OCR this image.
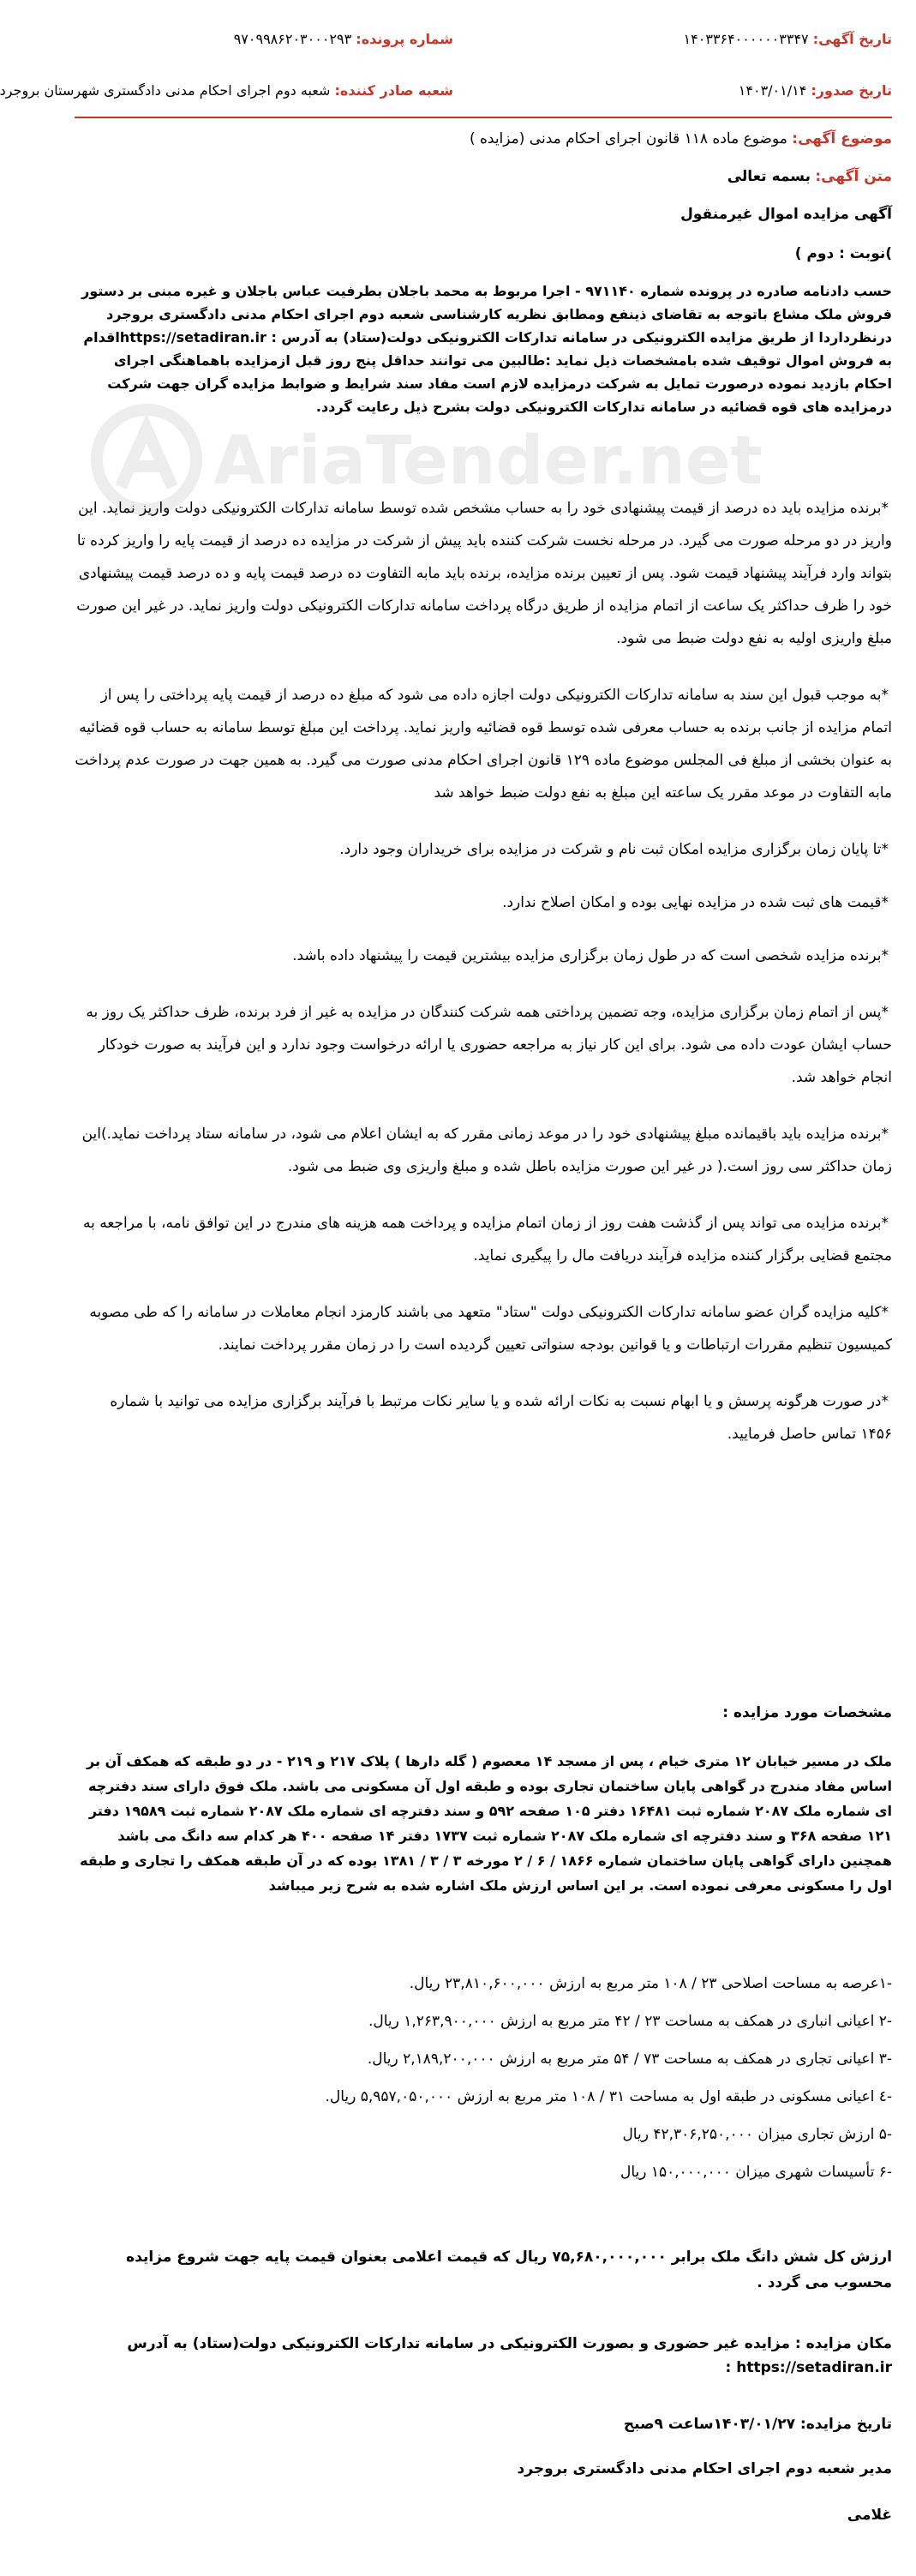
تاریخ آگهی: ۱۴۰۳۳۶۴۰۰۰۰۰۰۳۳۴۷
شماره پرونده: ۹۷۰۹۹۸۶۲۰۳۰۰۰۲۹۳
تاریخ صدور: ۱۴۰۳/۰۱/۱۴
شعبه صادر کننده: شعبه دوم اجرای احکام مدنی دادگستری شهرستان بروجرد
موضوع آگهی: موضوع ماده ۱۱۸ قانون اجرای احکام مدنی (مزایده )
متن آگهی: بسمه تعالی
آگهی مزایده اموال غیرمنقول
)نوبت : دوم )
حسب دادنامه صادره در پرونده شماره ۹۷۱۱۴۰ - اجرا مربوط به محمد باجلان بطرفیت عباس باجلان و غیره مبنی بر دستور فروش ملک مشاع باتوجه به تقاضای ذینفع ومطابق نظریه کارشناسی شعبه دوم اجرای احکام مدنی دادگستری بروجرد درنظرداردا از طریق مزایده الکترونیکی در سامانه تدارکات الکترونیکی دولت(ستاد) به آدرس : https://setadiran.irاقدام به فروش اموال توقیف شده بامشخصات ذیل نماید :طالبین می توانند حداقل پنج روز قبل ازمزایده باهماهنگی اجرای احکام بازدید نموده درصورت تمایل به شرکت درمزایده لازم است مفاد سند شرایط و ضوابط مزایده گران جهت شرکت درمزایده های قوه قضائیه در سامانه تدارکات الکترونیکی دولت بشرح ذیل رعایت گردد.
AriaTender.net

*برنده مزایده باید ده درصد از قیمت پیشنهادی خود را به حساب مشخص شده توسط سامانه تدارکات الکترونیکی دولت واریز نماید. این واریز در دو مرحله صورت می گیرد. در مرحله نخست شرکت کننده باید پیش از شرکت در مزایده ده درصد از قیمت پایه را واریز کرده تا بتواند وارد فرآیند پیشنهاد قیمت شود. پس از تعیین برنده مزایده، برنده باید مابه التفاوت ده درصد قیمت پایه و ده درصد قیمت پیشنهادی خود را ظرف حداکثر یک ساعت از اتمام مزایده از طریق درگاه پرداخت سامانه تدارکات الکترونیکی دولت واریز نماید. در غیر این صورت مبلغ واریزی اولیه به نفع دولت ضبط می شود.

*به موجب قبول این سند به سامانه تدارکات الکترونیکی دولت اجازه داده می شود که مبلغ ده درصد از قیمت پایه پرداختی را پس از اتمام مزایده از جانب برنده به حساب معرفی شده توسط قوه قضائیه واریز نماید. پرداخت این مبلغ توسط سامانه به حساب قوه قضائیه به عنوان بخشی از مبلغ فی المجلس موضوع ماده ۱۲۹ قانون اجرای احکام مدنی صورت می گیرد. به همین جهت در صورت عدم پرداخت مابه التفاوت در موعد مقرر یک ساعته این مبلغ به نفع دولت ضبط خواهد شد

*تا پایان زمان برگزاری مزایده امکان ثبت نام و شرکت در مزایده برای خریداران وجود دارد.

*قیمت های ثبت شده در مزایده نهایی بوده و امکان اصلاح ندارد.

*برنده مزایده شخصی است که در طول زمان برگزاری مزایده بیشترین قیمت را پیشنهاد داده باشد.

*پس از اتمام زمان برگزاری مزایده، وجه تضمین پرداختی همه شرکت کنندگان در مزایده به غیر از فرد برنده، ظرف حداکثر یک روز به حساب ایشان عودت داده می شود. برای این کار نیاز به مراجعه حضوری یا ارائه درخواست وجود ندارد و این فرآیند به صورت خودکار انجام خواهد شد.

*برنده مزایده باید باقیمانده مبلغ پیشنهادی خود را در موعد زمانی مقرر که به ایشان اعلام می شود، در سامانه ستاد پرداخت نماید.)این زمان حداکثر سی روز است.( در غیر این صورت مزایده باطل شده و مبلغ واریزی وی ضبط می شود.

*برنده مزایده می تواند پس از گذشت هفت روز از زمان اتمام مزایده و پرداخت همه هزینه های مندرج در این توافق نامه، با مراجعه به مجتمع قضایی برگزار کننده مزایده فرآیند دریافت مال را پیگیری نماید.

*کلیه مزایده گران عضو سامانه تدارکات الکترونیکی دولت "ستاد" متعهد می باشند کارمزد انجام معاملات در سامانه را که طی مصوبه کمیسیون تنظیم مقررات ارتباطات و یا قوانین بودجه سنواتی تعیین گردیده است را در زمان مقرر پرداخت نمایند.

*در صورت هرگونه پرسش و یا ابهام نسبت به نکات ارائه شده و یا سایر نکات مرتبط با فرآیند برگزاری مزایده می توانید با شماره ۱۴۵۶ تماس حاصل فرمایید.

مشخصات مورد مزایده :
ملک در مسیر خیابان ۱۲ متری خیام ، پس از مسجد ۱۴ معصوم ( گله دارها ) پلاک ۲۱۷ و ۲۱۹ - در دو طبقه که همکف آن بر اساس مفاد مندرج در گواهی پایان ساختمان تجاری بوده و طبقه اول آن مسکونی می باشد. ملک فوق دارای سند دفترچه ای شماره ملک ۲۰۸۷ شماره ثبت ۱۶۴۸۱ دفتر ۱۰۵ صفحه ۵۹۲ و سند دفترچه ای شماره ملک ۲۰۸۷ شماره ثبت ۱۹۵۸۹ دفتر ۱۲۱ صفحه ۳۶۸ و سند دفترچه ای شماره ملک ۲۰۸۷ شماره ثبت ۱۷۳۷ دفتر ۱۴ صفحه ۴۰۰ هر کدام سه دانگ می باشد همچنین دارای گواهی پایان ساختمان شماره ۱۸۶۶ / ۶ / ۲ مورخه ۳ / ۳ / ۱۳۸۱ بوده که در آن طبقه همکف را تجاری و طبقه اول را مسکونی معرفی نموده است. بر این اساس ارزش ملک اشاره شده به شرح زیر میباشد
-۱عرصه به مساحت اصلاحی ۲۳ / ۱۰۸ متر مربع به ارزش ۲۳,۸۱۰,۶۰۰,۰۰۰ ریال.
-۲ اعیانی انباری در همکف به مساحت ۲۳ / ۴۲ متر مربع به ارزش ۱,۲۶۳,۹۰۰,۰۰۰ ریال.
-۳ اعیانی تجاری در همکف به مساحت ۷۳ / ۵۴ متر مربع به ارزش ۲,۱۸۹,۲۰۰,۰۰۰ ریال.
-٤ اعیانی مسکونی در طبقه اول به مساحت ۳۱ / ۱۰۸ متر مربع به ارزش ۵,۹۵۷,۰۵۰,۰۰۰ ریال.
-۵ ارزش تجاری میزان ۴۲,۳۰۶,۲۵۰,۰۰۰ ریال
-۶ تأسیسات شهری میزان ۱۵۰,۰۰۰,۰۰۰ ریال
ارزش کل شش دانگ ملک برابر ۷۵,۶۸۰,۰۰۰,۰۰۰ ریال که قیمت اعلامی بعنوان قیمت پایه جهت شروع مزایده محسوب می گردد .
مکان مزایده : مزایده غیر حضوری و بصورت الکترونیکی در سامانه تدارکات الکترونیکی دولت(ستاد) به آدرس
https://setadiran.ir :
تاریخ مزایده: ۱۴۰۳/۰۱/۲۷ساعت ۹صبح
مدیر شعبه دوم اجرای احکام مدنی دادگستری بروجرد
غلامی
